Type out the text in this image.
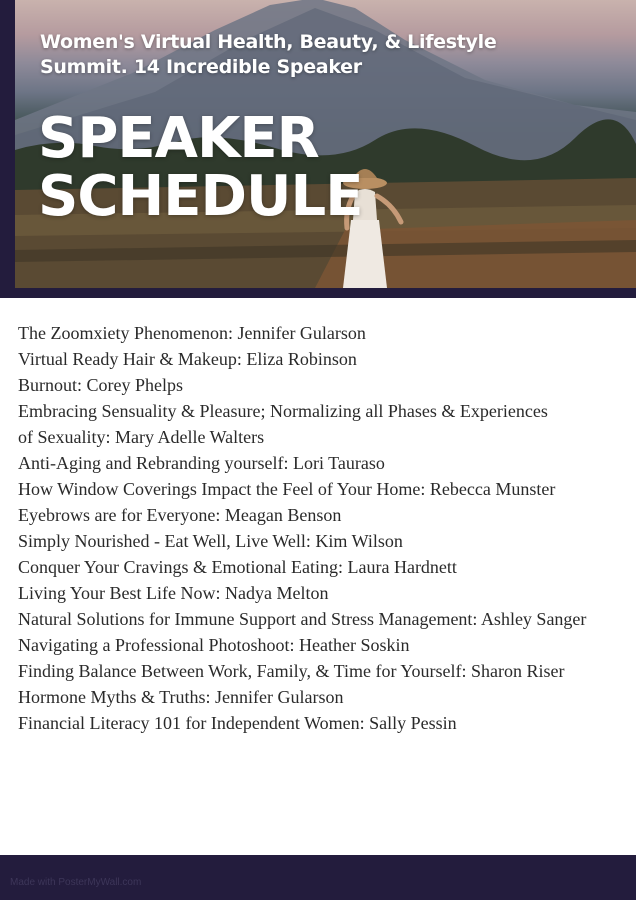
Women's Virtual Health, Beauty, & Lifestyle Summit. 14 Incredible Speaker
SPEAKER
SCHEDULE
The Zoomxiety Phenomenon: Jennifer Gularson
Virtual Ready Hair & Makeup: Eliza Robinson
Burnout: Corey Phelps
Embracing Sensuality & Pleasure; Normalizing all Phases & Experiences of Sexuality: Mary Adelle Walters
Anti-Aging and Rebranding yourself: Lori Tauraso
How Window Coverings Impact the Feel of Your Home: Rebecca Munster
Eyebrows are for Everyone: Meagan Benson
Simply Nourished - Eat Well, Live Well: Kim Wilson
Conquer Your Cravings & Emotional Eating: Laura Hardnett
Living Your Best Life Now: Nadya Melton
Natural Solutions for Immune Support and Stress Management: Ashley Sanger
Navigating a Professional Photoshoot: Heather Soskin
Finding Balance Between Work, Family, & Time for Yourself: Sharon Riser
Hormone Myths & Truths: Jennifer Gularson
Financial Literacy 101 for Independent Women: Sally Pessin
Made with PosterMyWall.com
